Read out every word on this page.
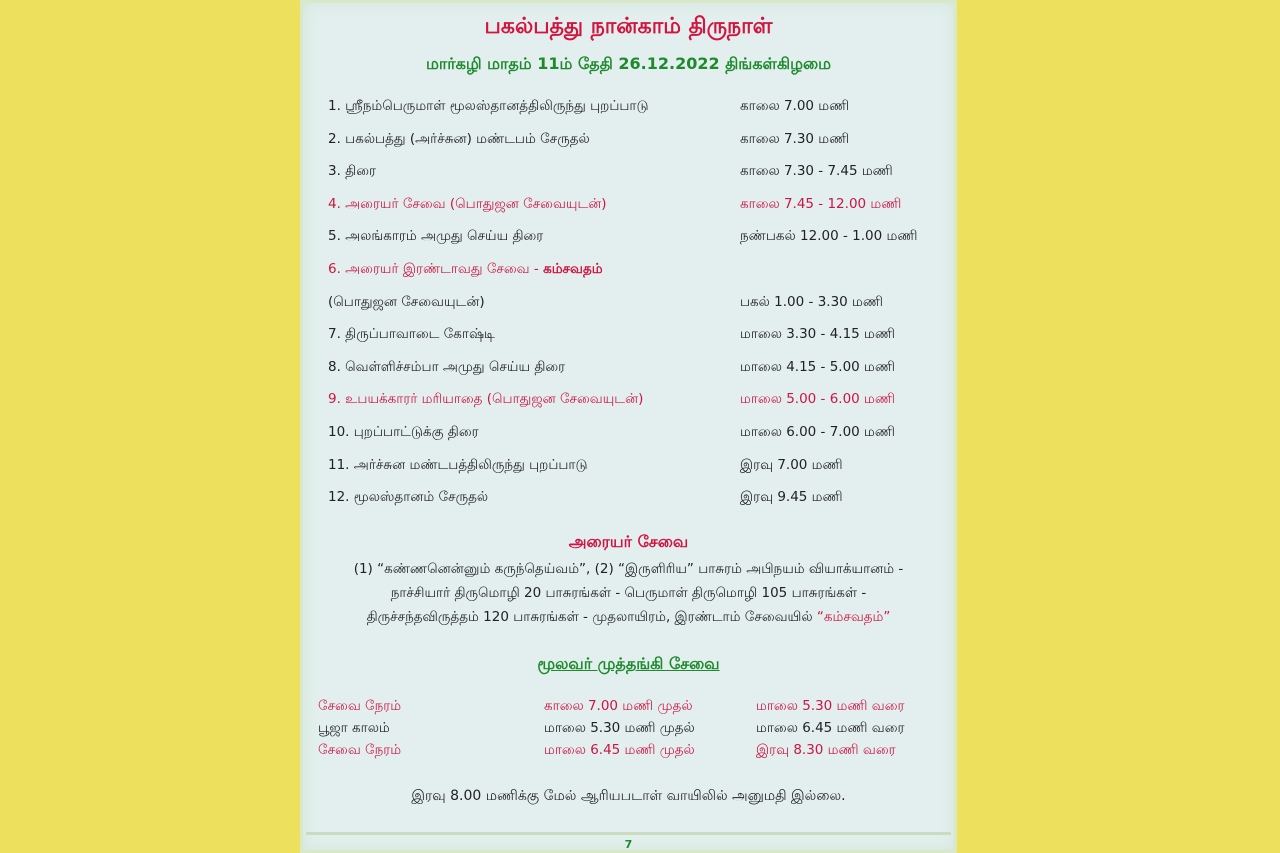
பகல்பத்து நான்காம் திருநாள்
மார்கழி மாதம் 11ம் தேதி 26.12.2022 திங்கள்கிழமை
1. ஸ்ரீநம்பெருமாள் மூலஸ்தானத்திலிருந்து புறப்பாடு	காலை 7.00 மணி
2. பகல்பத்து (அர்ச்சுன) மண்டபம் சேருதல்	காலை 7.30 மணி
3. திரை	காலை 7.30 - 7.45 மணி
4. அரையர் சேவை (பொதுஜன சேவையுடன்)	காலை 7.45 - 12.00 மணி
5. அலங்காரம் அமுது செய்ய திரை	நண்பகல் 12.00 - 1.00 மணி
6. அரையர் இரண்டாவது சேவை - கம்சவதம்
(பொதுஜன சேவையுடன்)	பகல் 1.00 - 3.30 மணி
7. திருப்பாவாடை கோஷ்டி	மாலை 3.30 - 4.15 மணி
8. வெள்ளிச்சம்பா அமுது செய்ய திரை	மாலை 4.15 - 5.00 மணி
9. உபயக்காரர் மரியாதை (பொதுஜன சேவையுடன்)	மாலை 5.00 - 6.00 மணி
10. புறப்பாட்டுக்கு திரை	மாலை 6.00 - 7.00 மணி
11. அர்ச்சுன மண்டபத்திலிருந்து புறப்பாடு	இரவு 7.00 மணி
12. மூலஸ்தானம் சேருதல்	இரவு 9.45 மணி
அரையர் சேவை
(1) “கண்ணனென்னும் கருந்தெய்வம்”, (2) “இருளிரிய” பாசுரம் அபிநயம் வியாக்யானம் -
நாச்சியார் திருமொழி 20 பாசுரங்கள் - பெருமாள் திருமொழி 105 பாசுரங்கள் -
திருச்சந்தவிருத்தம் 120 பாசுரங்கள் - முதலாயிரம், இரண்டாம் சேவையில் “கம்சவதம்”
மூலவர் முத்தங்கி சேவை
சேவை நேரம்	காலை 7.00 மணி முதல்	மாலை 5.30 மணி வரை
பூஜா காலம்	மாலை 5.30 மணி முதல்	மாலை 6.45 மணி வரை
சேவை நேரம்	மாலை 6.45 மணி முதல்	இரவு 8.30 மணி வரை
இரவு 8.00 மணிக்கு மேல் ஆரியபடாள் வாயிலில் அனுமதி இல்லை.
7
